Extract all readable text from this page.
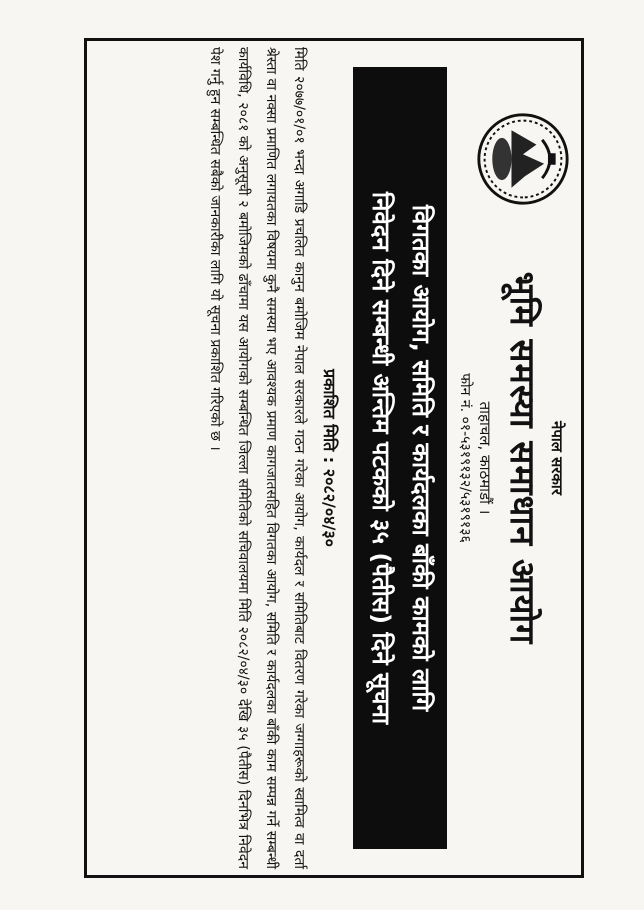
नेपाल सरकार
भूमि समस्या समाधान आयोग
ताहाचल, काठमाडौं ।
फोन नं. ०१-५३१९१३२/५३१९१३६
विगतका आयोग, समिति र कार्यदलका बाँकी कामको लागि
निवेदन दिने सम्बन्धी अन्तिम पटकको ३५ (पैतीस) दिने सूचना
प्रकाशित मिति : २०८२/०४/३०
मिति २०७७/०१/०१ भन्दा अगाडि प्रचलित कानुन बमोजिम नेपाल सरकारले गठन गरेका आयोग, कार्यदल र समितिबाट वितरण गरेका जग्गाहरूको स्वामित्व वा दर्ता श्रेस्ता वा नक्सा प्रमाणित लगायतका विषयमा कुनै समस्या भए आवश्यक प्रमाण कागजातसहित विगतका आयोग, समिति र कार्यदलका बाँकी काम सम्पन्न गर्ने सम्बन्धी कार्यविधि, २०८१ को अनुसूची २ बमोजिमको ढाँचामा यस आयोगको सम्बन्धित जिल्ला समितिको सचिवालयमा मिति २०८२/०४/३० देखि ३५ (पैतीस) दिनभित्र निवेदन पेश गर्नु हुन सम्बन्धित सबैको जानकारीका लागि यो सूचना प्रकाशित गरिएको छ ।
